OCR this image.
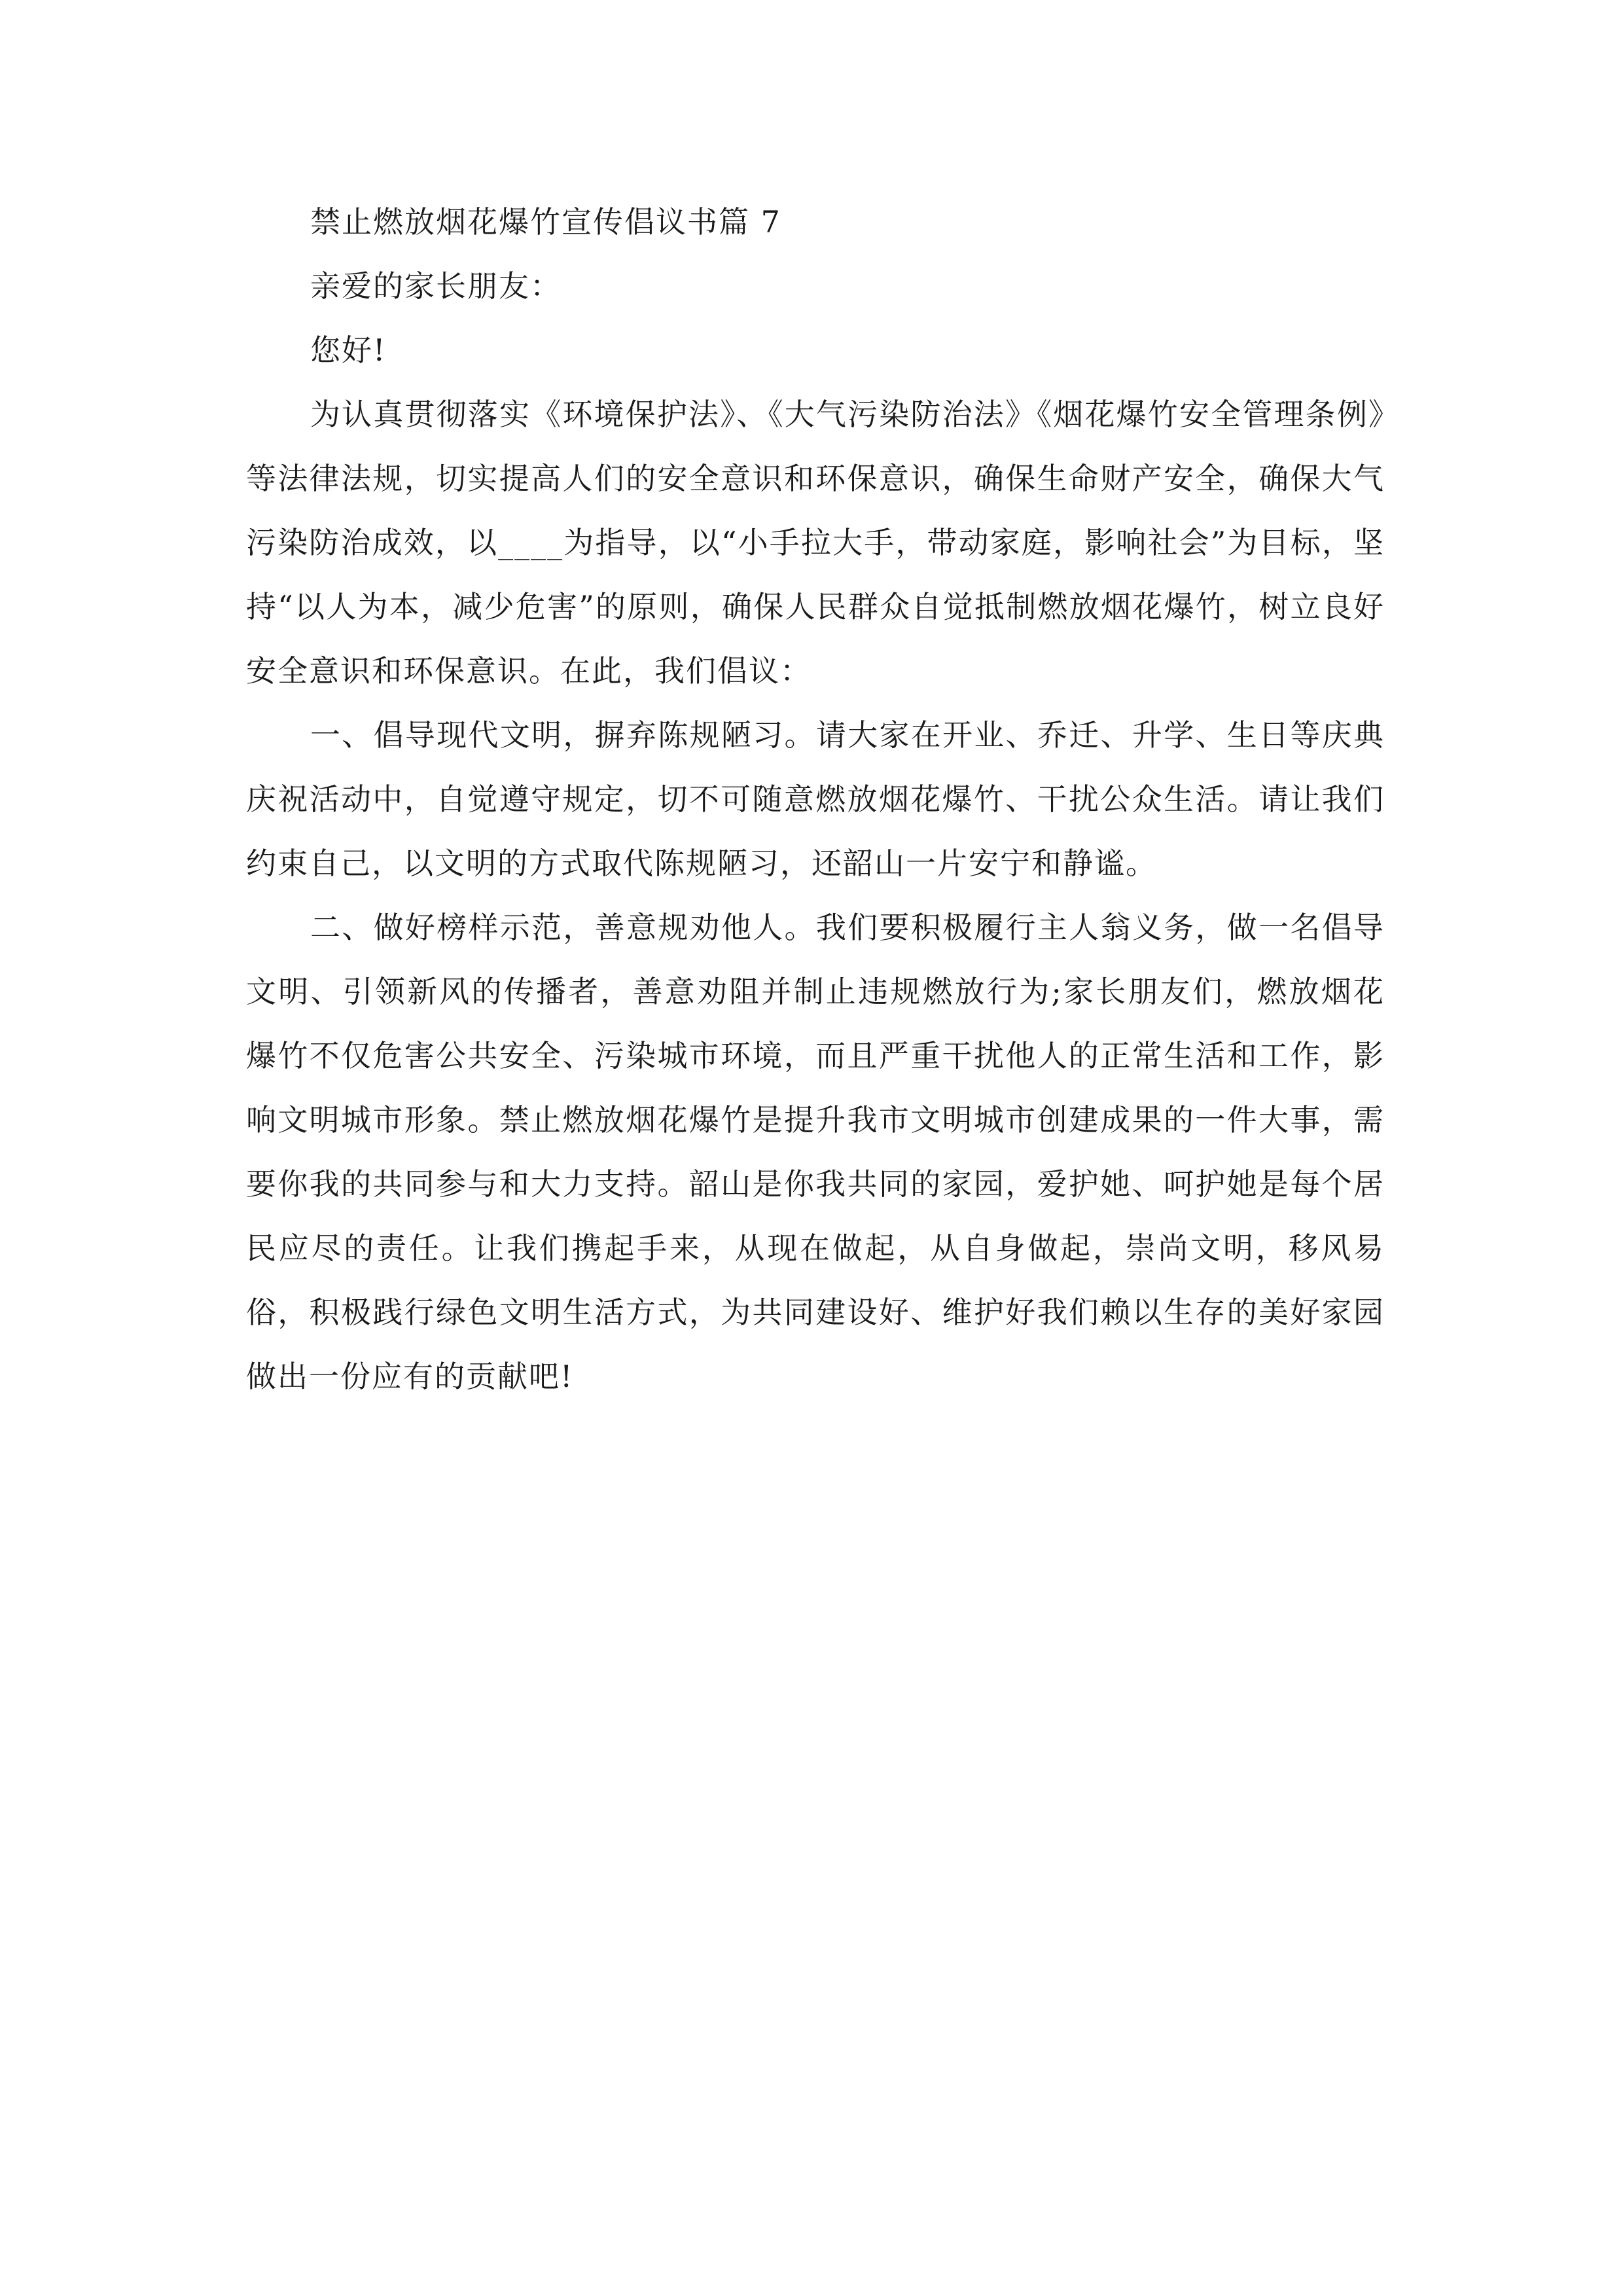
禁止燃放烟花爆竹宣传倡议书篇 7
亲爱的家长朋友：
您好!

为认真贯彻落实《环境保护法》、《大气污染防治法》《烟花爆竹安全管理条例》等法律法规，切实提高人们的安全意识和环保意识，确保生命财产安全，确保大气污染防治成效，以____为指导，以“小手拉大手，带动家庭，影响社会”为目标，坚持“以人为本，减少危害”的原则，确保人民群众自觉抵制燃放烟花爆竹，树立良好安全意识和环保意识。在此，我们倡议：

一、倡导现代文明，摒弃陈规陋习。请大家在开业、乔迁、升学、生日等庆典庆祝活动中，自觉遵守规定，切不可随意燃放烟花爆竹、干扰公众生活。请让我们约束自己，以文明的方式取代陈规陋习，还韶山一片安宁和静谧。

二、做好榜样示范，善意规劝他人。我们要积极履行主人翁义务，做一名倡导文明、引领新风的传播者，善意劝阻并制止违规燃放行为;家长朋友们，燃放烟花爆竹不仅危害公共安全、污染城市环境，而且严重干扰他人的正常生活和工作，影响文明城市形象。禁止燃放烟花爆竹是提升我市文明城市创建成果的一件大事，需要你我的共同参与和大力支持。韶山是你我共同的家园，爱护她、呵护她是每个居民应尽的责任。让我们携起手来，从现在做起，从自身做起，崇尚文明，移风易俗，积极践行绿色文明生活方式，为共同建设好、维护好我们赖以生存的美好家园做出一份应有的贡献吧!
